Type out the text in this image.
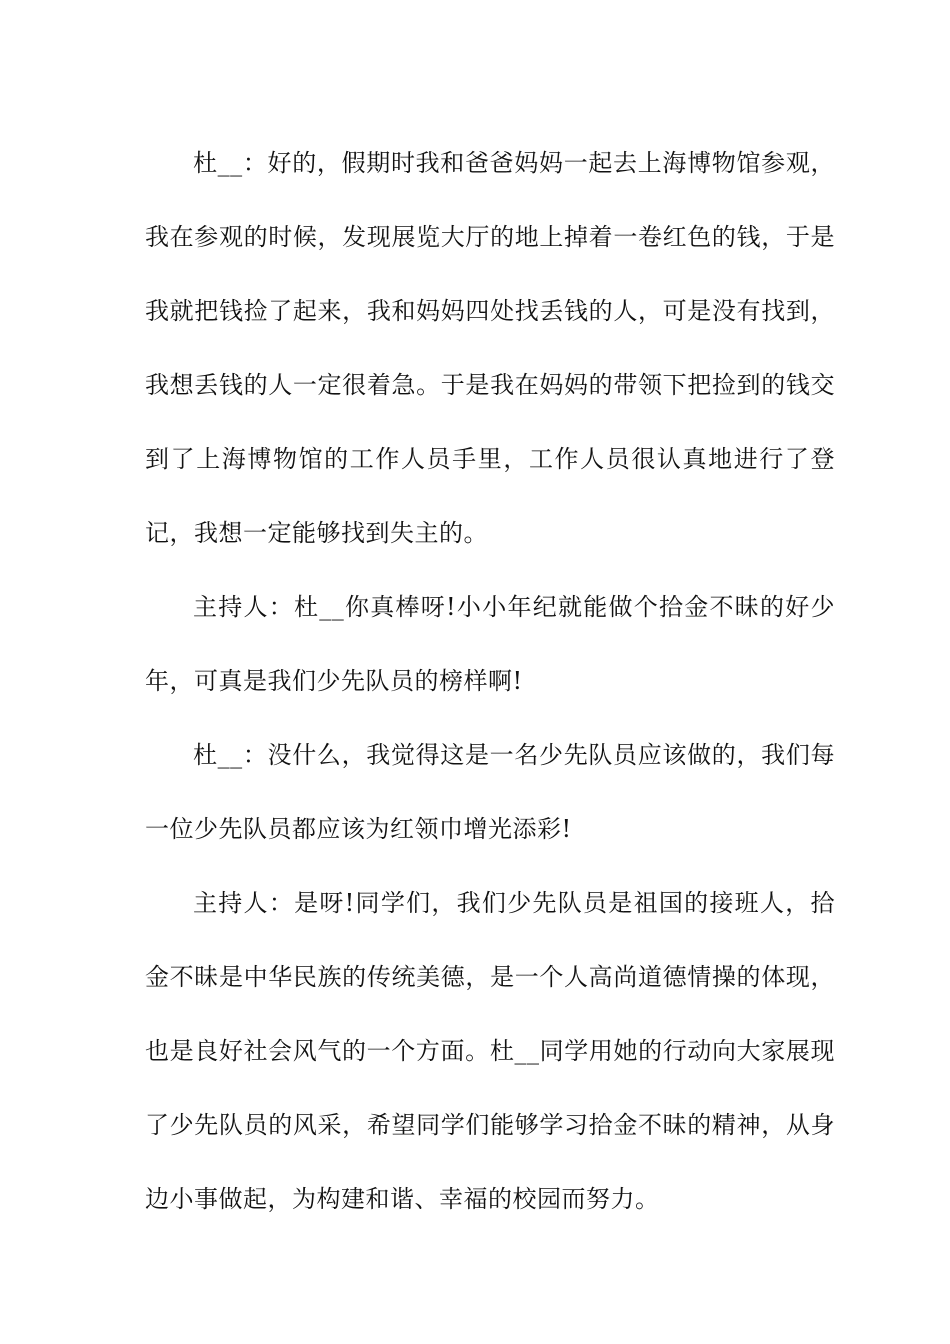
杜__：好的，假期时我和爸爸妈妈一起去上海博物馆参观，我在参观的时候，发现展览大厅的地上掉着一卷红色的钱，于是我就把钱捡了起来，我和妈妈四处找丢钱的人，可是没有找到，我想丢钱的人一定很着急。于是我在妈妈的带领下把捡到的钱交到了上海博物馆的工作人员手里，工作人员很认真地进行了登记，我想一定能够找到失主的。

主持人：杜__你真棒呀!小小年纪就能做个拾金不昧的好少年，可真是我们少先队员的榜样啊!

杜__：没什么，我觉得这是一名少先队员应该做的，我们每一位少先队员都应该为红领巾增光添彩!

主持人：是呀!同学们，我们少先队员是祖国的接班人，拾金不昧是中华民族的传统美德，是一个人高尚道德情操的体现，也是良好社会风气的一个方面。杜__同学用她的行动向大家展现了少先队员的风采，希望同学们能够学习拾金不昧的精神，从身边小事做起，为构建和谐、幸福的校园而努力。
